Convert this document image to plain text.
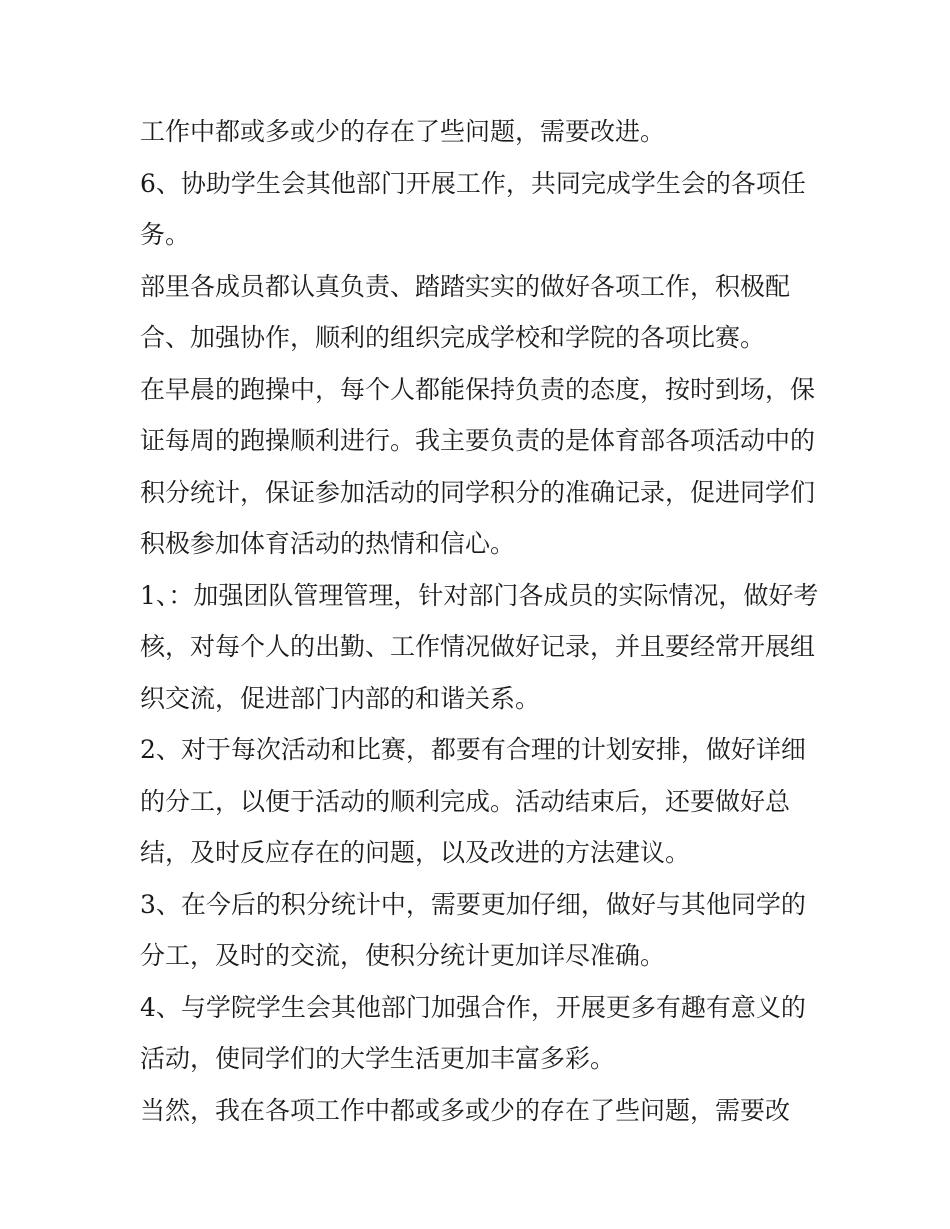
工作中都或多或少的存在了些问题，需要改进。

6、协助学生会其他部门开展工作，共同完成学生会的各项任务。

部里各成员都认真负责、踏踏实实的做好各项工作，积极配合、加强协作，顺利的组织完成学校和学院的各项比赛。

在早晨的跑操中，每个人都能保持负责的态度，按时到场，保证每周的跑操顺利进行。我主要负责的是体育部各项活动中的积分统计，保证参加活动的同学积分的准确记录，促进同学们积极参加体育活动的热情和信心。

1、：加强团队管理管理，针对部门各成员的实际情况，做好考核，对每个人的出勤、工作情况做好记录，并且要经常开展组织交流，促进部门内部的和谐关系。

2、对于每次活动和比赛，都要有合理的计划安排，做好详细的分工，以便于活动的顺利完成。活动结束后，还要做好总结，及时反应存在的问题，以及改进的方法建议。

3、在今后的积分统计中，需要更加仔细，做好与其他同学的分工，及时的交流，使积分统计更加详尽准确。

4、与学院学生会其他部门加强合作，开展更多有趣有意义的活动，使同学们的大学生活更加丰富多彩。

当然，我在各项工作中都或多或少的存在了些问题，需要改
